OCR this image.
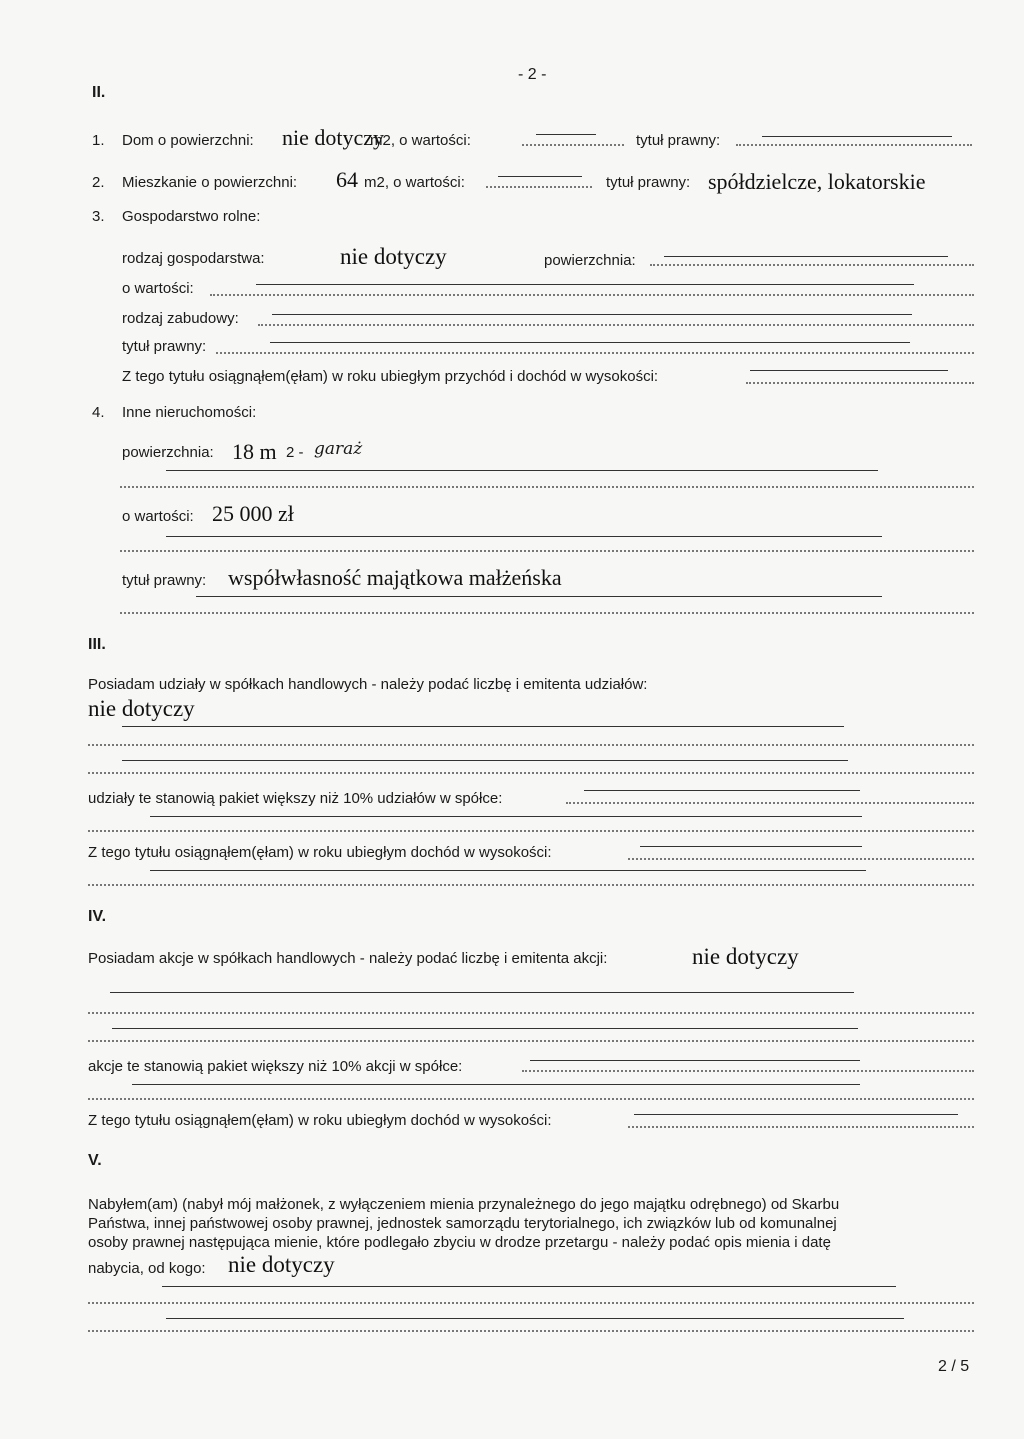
II.
- 2 -
1. Dom o powierzchni: nie dotyczy
m2, o wartości:	tytuł prawny:
2. Mieszkanie o powierzchni: 64 m2, o wartości:	tytuł prawny: spółdzielcze, lokatorskie
3. Gospodarstwo rolne:
rodzaj gospodarstwa:	nie dotyczy	powierzchnia:
o wartości:
rodzaj zabudowy:
tytuł prawny:
Z tego tytułu osiągnąłem(ęłam) w roku ubiegłym przychód i dochód w wysokości:
4. Inne nieruchomości:
powierzchnia: 18 m 2 - garaż
o wartości: 25 000 zł
tytuł prawny: współwłasność majątkowa małżeńska
III.
Posiadam udziały w spółkach handlowych - należy podać liczbę i emitenta udziałów:
nie dotyczy
udziały te stanowią pakiet większy niż 10% udziałów w spółce:
Z tego tytułu osiągnąłem(ęłam) w roku ubiegłym dochód w wysokości:
IV.
Posiadam akcje w spółkach handlowych - należy podać liczbę i emitenta akcji:	nie dotyczy
akcje te stanowią pakiet większy niż 10% akcji w spółce:
Z tego tytułu osiągnąłem(ęłam) w roku ubiegłym dochód w wysokości:
V.
Nabyłem(am) (nabył mój małżonek, z wyłączeniem mienia przynależnego do jego majątku odrębnego) od Skarbu
Państwa, innej państwowej osoby prawnej, jednostek samorządu terytorialnego, ich związków lub od komunalnej
osoby prawnej następująca mienie, które podlegało zbyciu w drodze przetargu - należy podać opis mienia i datę
nabycia, od kogo: nie dotyczy
2 / 5
